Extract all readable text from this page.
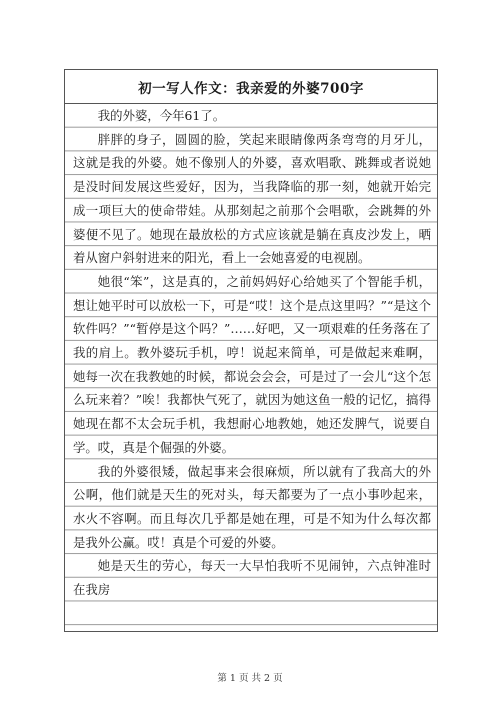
初一写人作文：我亲爱的外婆700字

我的外婆，今年61了。

胖胖的身子，圆圆的脸，笑起来眼睛像两条弯弯的月牙儿，这就是我的外婆。她不像别人的外婆，喜欢唱歌、跳舞或者说她是没时间发展这些爱好，因为，当我降临的那一刻，她就开始完成一项巨大的使命带娃。从那刻起之前那个会唱歌，会跳舞的外婆便不见了。她现在最放松的方式应该就是躺在真皮沙发上，晒着从窗户斜射进来的阳光，看上一会她喜爱的电视剧。

她很“笨”，这是真的，之前妈妈好心给她买了个智能手机，想让她平时可以放松一下，可是“哎！这个是点这里吗？”“是这个软件吗？”“暂停是这个吗？”……好吧，又一项艰难的任务落在了我的肩上。教外婆玩手机，哼！说起来简单，可是做起来难啊，她每一次在我教她的时候，都说会会会，可是过了一会儿“这个怎么玩来着？”唉！我都快气死了，就因为她这鱼一般的记忆，搞得她现在都不太会玩手机，我想耐心地教她，她还发脾气，说要自学。哎，真是个倔强的外婆。

我的外婆很矮，做起事来会很麻烦，所以就有了我高大的外公啊，他们就是天生的死对头，每天都要为了一点小事吵起来，水火不容啊。而且每次几乎都是她在理，可是不知为什么每次都是我外公赢。哎！真是个可爱的外婆。

她是天生的劳心，每天一大早怕我听不见闹钟，六点钟准时在我房

第 1 页 共 2 页
